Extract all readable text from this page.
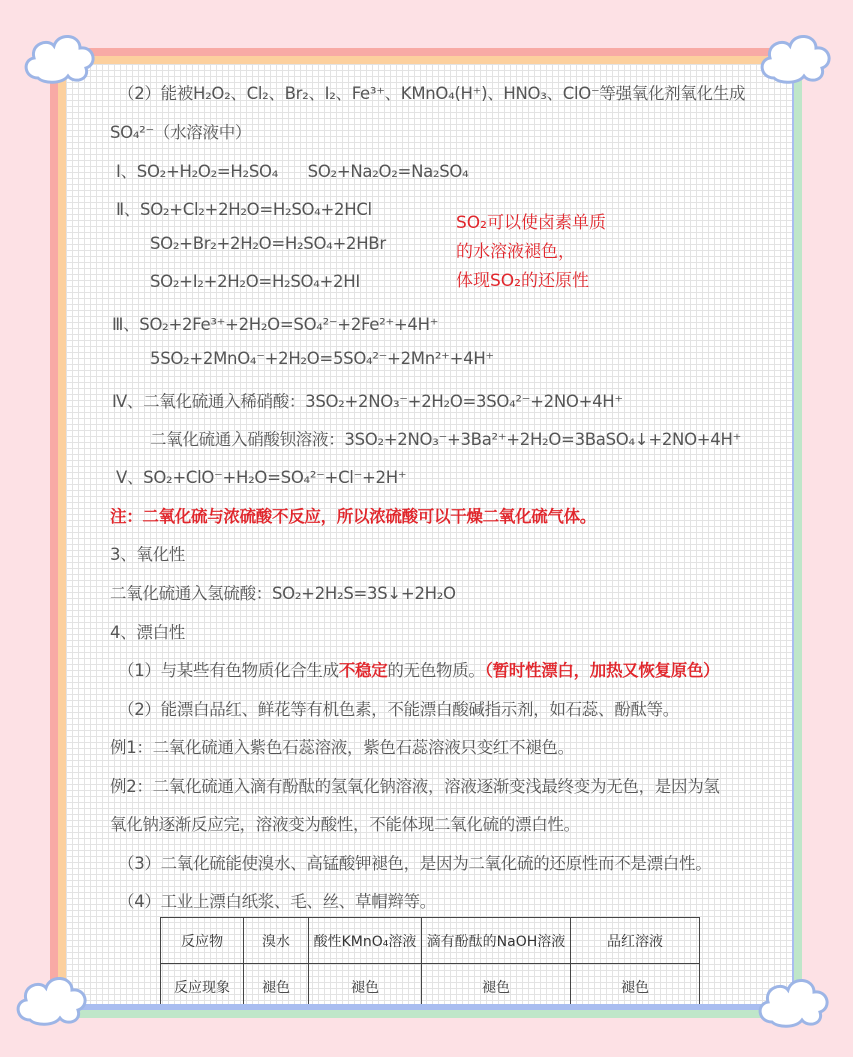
（2）能被H₂O₂、Cl₂、Br₂、I₂、Fe³⁺、KMnO₄(H⁺)、HNO₃、ClO⁻等强氧化剂氧化生成
SO₄²⁻（水溶液中）
Ⅰ、SO₂+H₂O₂=H₂SO₄      SO₂+Na₂O₂=Na₂SO₄
Ⅱ、SO₂+Cl₂+2H₂O=H₂SO₄+2HCl
SO₂+Br₂+2H₂O=H₂SO₄+2HBr
SO₂+I₂+2H₂O=H₂SO₄+2HI
Ⅲ、SO₂+2Fe³⁺+2H₂O=SO₄²⁻+2Fe²⁺+4H⁺
5SO₂+2MnO₄⁻+2H₂O=5SO₄²⁻+2Mn²⁺+4H⁺
Ⅳ、二氧化硫通入稀硝酸：3SO₂+2NO₃⁻+2H₂O=3SO₄²⁻+2NO+4H⁺
二氧化硫通入硝酸钡溶液：3SO₂+2NO₃⁻+3Ba²⁺+2H₂O=3BaSO₄↓+2NO+4H⁺
Ⅴ、SO₂+ClO⁻+H₂O=SO₄²⁻+Cl⁻+2H⁺
注：二氧化硫与浓硫酸不反应，所以浓硫酸可以干燥二氧化硫气体。
3、氧化性
二氧化硫通入氢硫酸：SO₂+2H₂S=3S↓+2H₂O
4、漂白性
SO₂可以使卤素单质
的水溶液褪色，
体现SO₂的还原性
（1）与某些有色物质化合生成不稳定的无色物质。（暂时性漂白，加热又恢复原色）
（2）能漂白品红、鲜花等有机色素，不能漂白酸碱指示剂，如石蕊、酚酞等。
例1：二氧化硫通入紫色石蕊溶液，紫色石蕊溶液只变红不褪色。
例2：二氧化硫通入滴有酚酞的氢氧化钠溶液，溶液逐渐变浅最终变为无色，是因为氢
氧化钠逐渐反应完，溶液变为酸性，不能体现二氧化硫的漂白性。
（3）二氧化硫能使溴水、高锰酸钾褪色，是因为二氧化硫的还原性而不是漂白性。
（4）工业上漂白纸浆、毛、丝、草帽辫等。
反应物	溴水	酸性KMnO₄溶液	滴有酚酞的NaOH溶液	品红溶液
反应现象	褪色	褪色	褪色	褪色
